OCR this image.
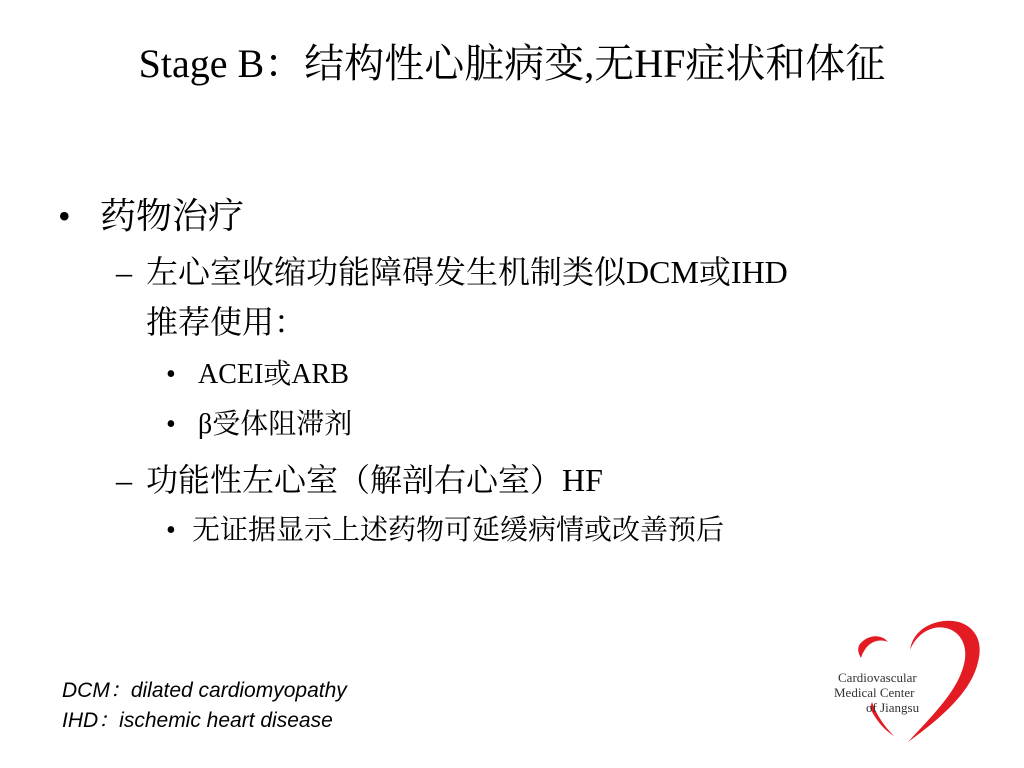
Stage B：结构性心脏病变,无HF症状和体征
• 药物治疗
– 左心室收缩功能障碍发生机制类似DCM或IHD
推荐使用：
• ACEI或ARB
• β受体阻滞剂
– 功能性左心室（解剖右心室）HF
• 无证据显示上述药物可延缓病情或改善预后
DCM：dilated cardiomyopathy
IHD：ischemic heart disease
Cardiovascular
Medical Center
of Jiangsu
